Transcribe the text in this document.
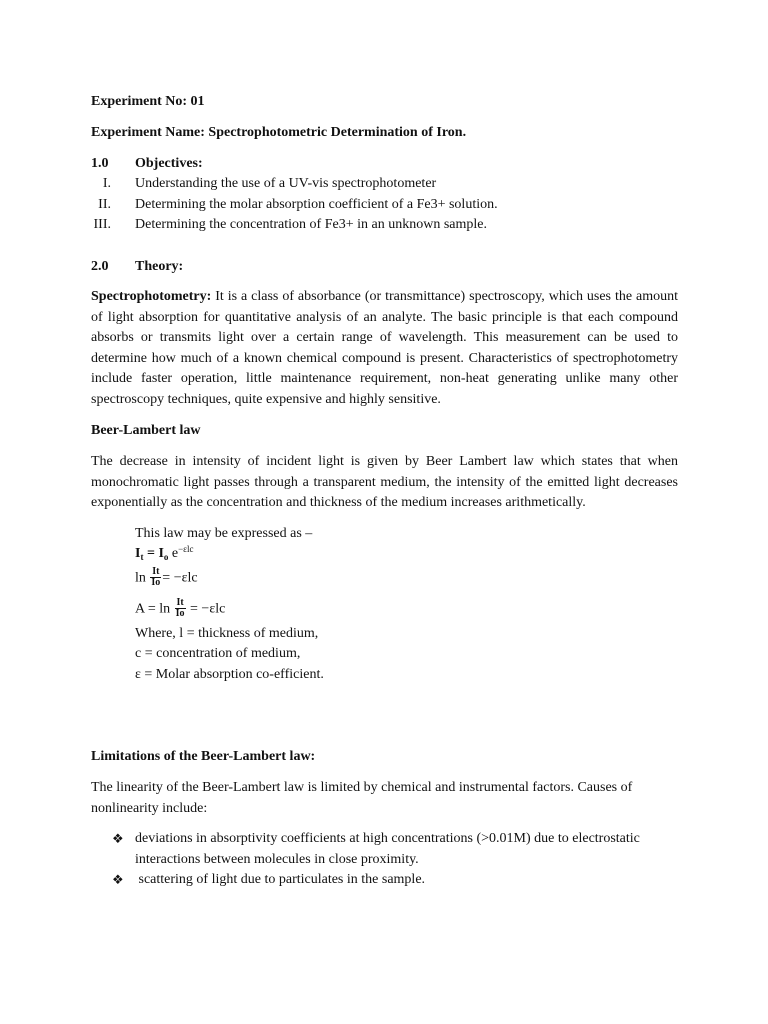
Experiment No: 01
Experiment Name: Spectrophotometric Determination of Iron.
1.0 Objectives:
I. Understanding the use of a UV-vis spectrophotometer
II. Determining the molar absorption coefficient of a Fe3+ solution.
III. Determining the concentration of Fe3+ in an unknown sample.
2.0 Theory:
Spectrophotometry: It is a class of absorbance (or transmittance) spectroscopy, which uses the amount of light absorption for quantitative analysis of an analyte. The basic principle is that each compound absorbs or transmits light over a certain range of wavelength. This measurement can be used to determine how much of a known chemical compound is present. Characteristics of spectrophotometry include faster operation, little maintenance requirement, non-heat generating unlike many other spectroscopy techniques, quite expensive and highly sensitive.
Beer-Lambert law
The decrease in intensity of incident light is given by Beer Lambert law which states that when monochromatic light passes through a transparent medium, the intensity of the emitted light decreases exponentially as the concentration and thickness of the medium increases arithmetically.
This law may be expressed as –
$I_t = I_o$ $e^{-\varepsilon lc}$
$\ln \frac{It}{Io} = -\varepsilon lc$
$A = \ln \frac{It}{Io} = -\varepsilon lc$
Where, l = thickness of medium,
c = concentration of medium,
ε = Molar absorption co-efficient.
Limitations of the Beer-Lambert law:
The linearity of the Beer-Lambert law is limited by chemical and instrumental factors. Causes of nonlinearity include:
❖ deviations in absorptivity coefficients at high concentrations (>0.01M) due to electrostatic interactions between molecules in close proximity.
❖ scattering of light due to particulates in the sample.
